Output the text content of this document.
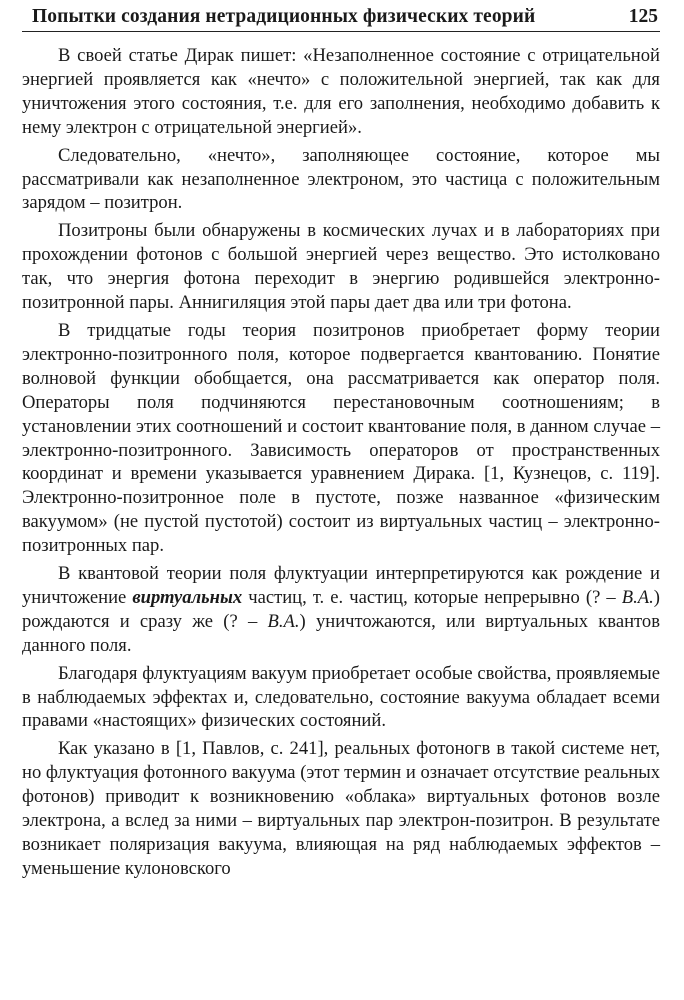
Попытки создания нетрадиционных физических теорий	125

В своей статье Дирак пишет: «Незаполненное состояние с отрицательной энергией проявляется как «нечто» с положительной энергией, так как для уничтожения этого состояния, т.е. для его заполнения, необходимо добавить к нему электрон с отрицательной энергией».

Следовательно, «нечто», заполняющее состояние, которое мы рассматривали как незаполненное электроном, это частица с положительным зарядом – позитрон.

Позитроны были обнаружены в космических лучах и в лабораториях при прохождении фотонов с большой энергией через вещество. Это истолковано так, что энергия фотона переходит в энергию родившейся электронно-позитронной пары. Аннигиляция этой пары дает два или три фотона.

В тридцатые годы теория позитронов приобретает форму теории электронно-позитронного поля, которое подвергается квантованию. Понятие волновой функции обобщается, она рассматривается как оператор поля. Операторы поля подчиняются перестановочным соотношениям; в установлении этих соотношений и состоит квантование поля, в данном случае – электронно-позитронного. Зависимость операторов от пространственных координат и времени указывается уравнением Дирака. [1, Кузнецов, с. 119]. Электронно-позитронное поле в пустоте, позже названное «физическим вакуумом» (не пустой пустотой) состоит из виртуальных частиц – электронно-позитронных пар.

В квантовой теории поля флуктуации интерпретируются как рождение и уничтожение виртуальных частиц, т. е. частиц, которые непрерывно (? – В.А.) рождаются и сразу же (? – В.А.) уничтожаются, или виртуальных квантов данного поля.

Благодаря флуктуациям вакуум приобретает особые свойства, проявляемые в наблюдаемых эффектах и, следовательно, состояние вакуума обладает всеми правами «настоящих» физических состояний.

Как указано в [1, Павлов, с. 241], реальных фотоногв в такой системе нет, но флуктуация фотонного вакуума (этот термин и означает отсутствие реальных фотонов) приводит к возникновению «облака» виртуальных фотонов возле электрона, а вслед за ними – виртуальных пар электрон-позитрон. В результате возникает поляризация вакуума, влияющая на ряд наблюдаемых эффектов – уменьшение кулоновского
